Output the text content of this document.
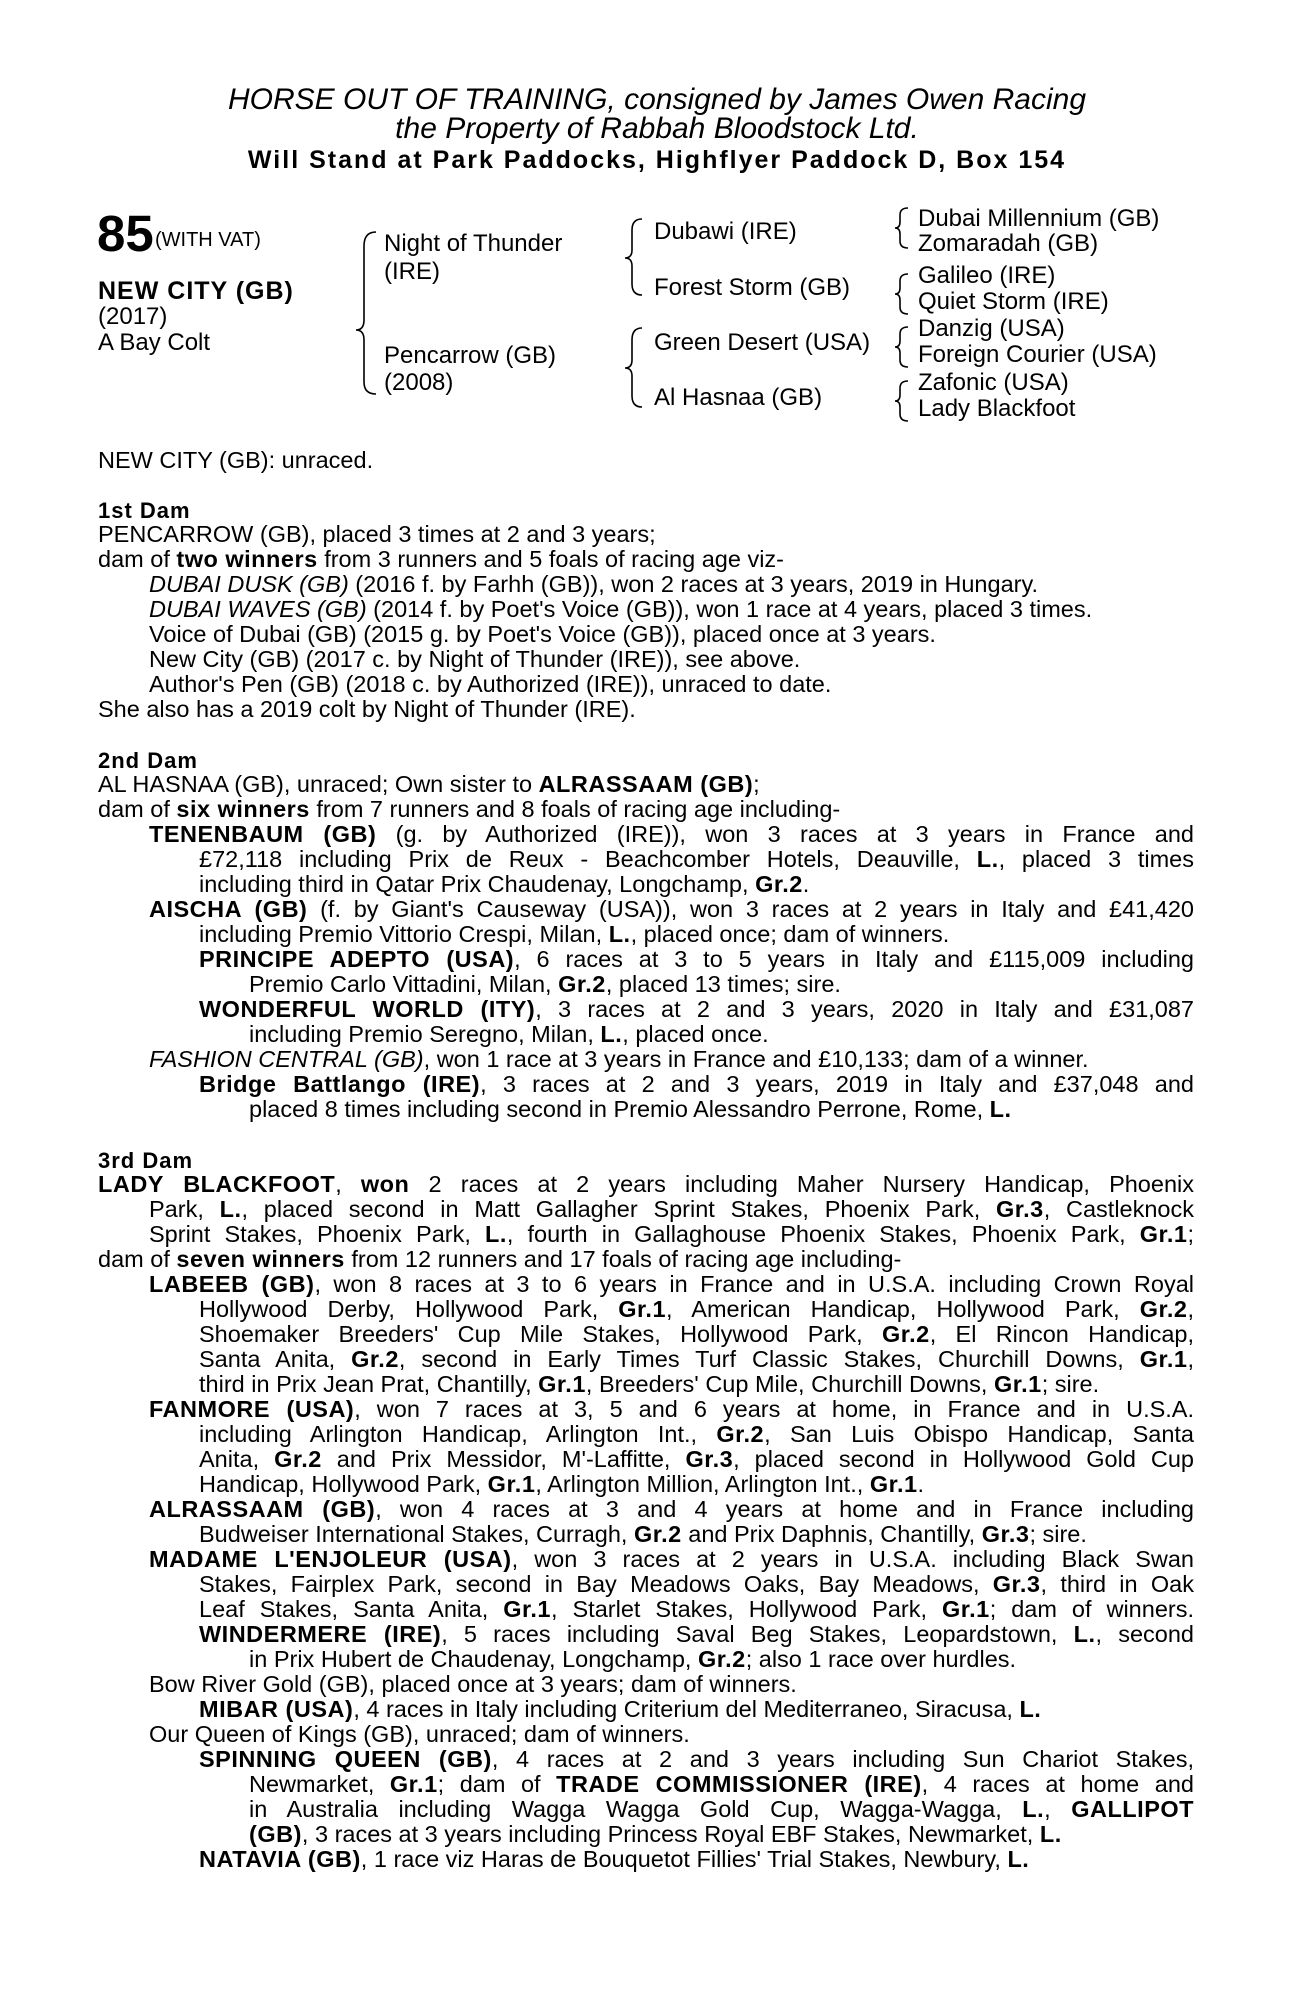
HORSE OUT OF TRAINING, consigned by James Owen Racing
the Property of Rabbah Bloodstock Ltd.
Will Stand at Park Paddocks, Highflyer Paddock D, Box 154
85 (WITH VAT)
NEW CITY (GB)
(2017)
A Bay Colt
Night of Thunder
(IRE)
Pencarrow (GB)
(2008)
Dubawi (IRE)
Forest Storm (GB)
Green Desert (USA)
Al Hasnaa (GB)
Dubai Millennium (GB)
Zomaradah (GB)
Galileo (IRE)
Quiet Storm (IRE)
Danzig (USA)
Foreign Courier (USA)
Zafonic (USA)
Lady Blackfoot
NEW CITY (GB): unraced.
1st Dam
PENCARROW (GB), placed 3 times at 2 and 3 years;
dam of two winners from 3 runners and 5 foals of racing age viz-
DUBAI DUSK (GB) (2016 f. by Farhh (GB)), won 2 races at 3 years, 2019 in Hungary.
DUBAI WAVES (GB) (2014 f. by Poet's Voice (GB)), won 1 race at 4 years, placed 3 times.
Voice of Dubai (GB) (2015 g. by Poet's Voice (GB)), placed once at 3 years.
New City (GB) (2017 c. by Night of Thunder (IRE)), see above.
Author's Pen (GB) (2018 c. by Authorized (IRE)), unraced to date.
She also has a 2019 colt by Night of Thunder (IRE).
2nd Dam
AL HASNAA (GB), unraced; Own sister to ALRASSAAM (GB);
dam of six winners from 7 runners and 8 foals of racing age including-
TENENBAUM (GB) (g. by Authorized (IRE)), won 3 races at 3 years in France and
£72,118 including Prix de Reux - Beachcomber Hotels, Deauville, L., placed 3 times
including third in Qatar Prix Chaudenay, Longchamp, Gr.2.
AISCHA (GB) (f. by Giant's Causeway (USA)), won 3 races at 2 years in Italy and £41,420
including Premio Vittorio Crespi, Milan, L., placed once; dam of winners.
PRINCIPE ADEPTO (USA), 6 races at 3 to 5 years in Italy and £115,009 including
Premio Carlo Vittadini, Milan, Gr.2, placed 13 times; sire.
WONDERFUL WORLD (ITY), 3 races at 2 and 3 years, 2020 in Italy and £31,087
including Premio Seregno, Milan, L., placed once.
FASHION CENTRAL (GB), won 1 race at 3 years in France and £10,133; dam of a winner.
Bridge Battlango (IRE), 3 races at 2 and 3 years, 2019 in Italy and £37,048 and
placed 8 times including second in Premio Alessandro Perrone, Rome, L.
3rd Dam
LADY BLACKFOOT, won 2 races at 2 years including Maher Nursery Handicap, Phoenix
Park, L., placed second in Matt Gallagher Sprint Stakes, Phoenix Park, Gr.3, Castleknock
Sprint Stakes, Phoenix Park, L., fourth in Gallaghouse Phoenix Stakes, Phoenix Park, Gr.1;
dam of seven winners from 12 runners and 17 foals of racing age including-
LABEEB (GB), won 8 races at 3 to 6 years in France and in U.S.A. including Crown Royal
Hollywood Derby, Hollywood Park, Gr.1, American Handicap, Hollywood Park, Gr.2,
Shoemaker Breeders' Cup Mile Stakes, Hollywood Park, Gr.2, El Rincon Handicap,
Santa Anita, Gr.2, second in Early Times Turf Classic Stakes, Churchill Downs, Gr.1,
third in Prix Jean Prat, Chantilly, Gr.1, Breeders' Cup Mile, Churchill Downs, Gr.1; sire.
FANMORE (USA), won 7 races at 3, 5 and 6 years at home, in France and in U.S.A.
including Arlington Handicap, Arlington Int., Gr.2, San Luis Obispo Handicap, Santa
Anita, Gr.2 and Prix Messidor, M'-Laffitte, Gr.3, placed second in Hollywood Gold Cup
Handicap, Hollywood Park, Gr.1, Arlington Million, Arlington Int., Gr.1.
ALRASSAAM (GB), won 4 races at 3 and 4 years at home and in France including
Budweiser International Stakes, Curragh, Gr.2 and Prix Daphnis, Chantilly, Gr.3; sire.
MADAME L'ENJOLEUR (USA), won 3 races at 2 years in U.S.A. including Black Swan
Stakes, Fairplex Park, second in Bay Meadows Oaks, Bay Meadows, Gr.3, third in Oak
Leaf Stakes, Santa Anita, Gr.1, Starlet Stakes, Hollywood Park, Gr.1; dam of winners.
WINDERMERE (IRE), 5 races including Saval Beg Stakes, Leopardstown, L., second
in Prix Hubert de Chaudenay, Longchamp, Gr.2; also 1 race over hurdles.
Bow River Gold (GB), placed once at 3 years; dam of winners.
MIBAR (USA), 4 races in Italy including Criterium del Mediterraneo, Siracusa, L.
Our Queen of Kings (GB), unraced; dam of winners.
SPINNING QUEEN (GB), 4 races at 2 and 3 years including Sun Chariot Stakes,
Newmarket, Gr.1; dam of TRADE COMMISSIONER (IRE), 4 races at home and
in Australia including Wagga Wagga Gold Cup, Wagga-Wagga, L., GALLIPOT
(GB), 3 races at 3 years including Princess Royal EBF Stakes, Newmarket, L.
NATAVIA (GB), 1 race viz Haras de Bouquetot Fillies' Trial Stakes, Newbury, L.
